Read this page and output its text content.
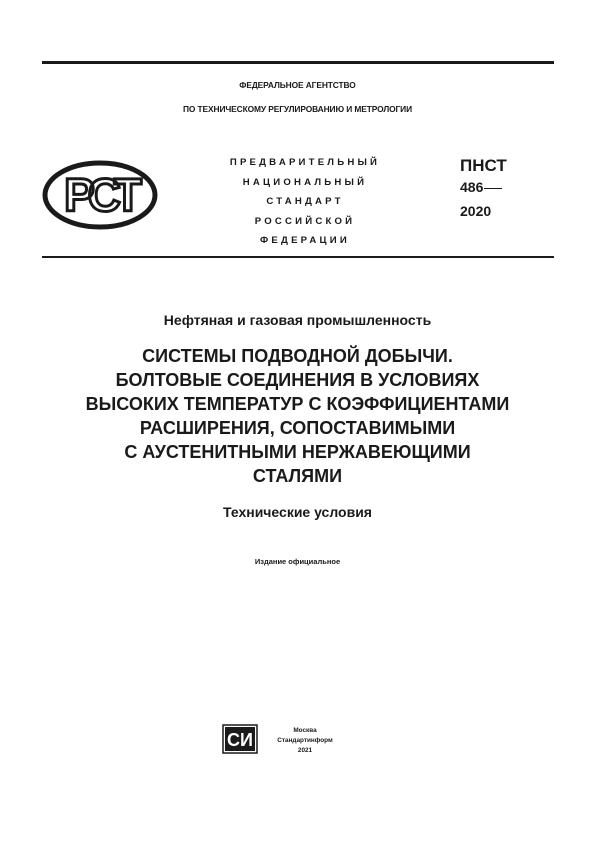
ФЕДЕРАЛЬНОЕ АГЕНТСТВО
ПО ТЕХНИЧЕСКОМУ РЕГУЛИРОВАНИЮ И МЕТРОЛОГИИ
РСТ
ПРЕДВАРИТЕЛЬНЫЙ
НАЦИОНАЛЬНЫЙ
СТАНДАРТ
РОССИЙСКОЙ
ФЕДЕРАЦИИ
ПНСТ
486
2020
Нефтяная и газовая промышленность
СИСТЕМЫ ПОДВОДНОЙ ДОБЫЧИ.
БОЛТОВЫЕ СОЕДИНЕНИЯ В УСЛОВИЯХ
ВЫСОКИХ ТЕМПЕРАТУР С КОЭФФИЦИЕНТАМИ
РАСШИРЕНИЯ, СОПОСТАВИМЫМИ
С АУСТЕНИТНЫМИ НЕРЖАВЕЮЩИМИ
СТАЛЯМИ
Технические условия
Издание официальное
СИ	Москва
Стандартинформ
2021
